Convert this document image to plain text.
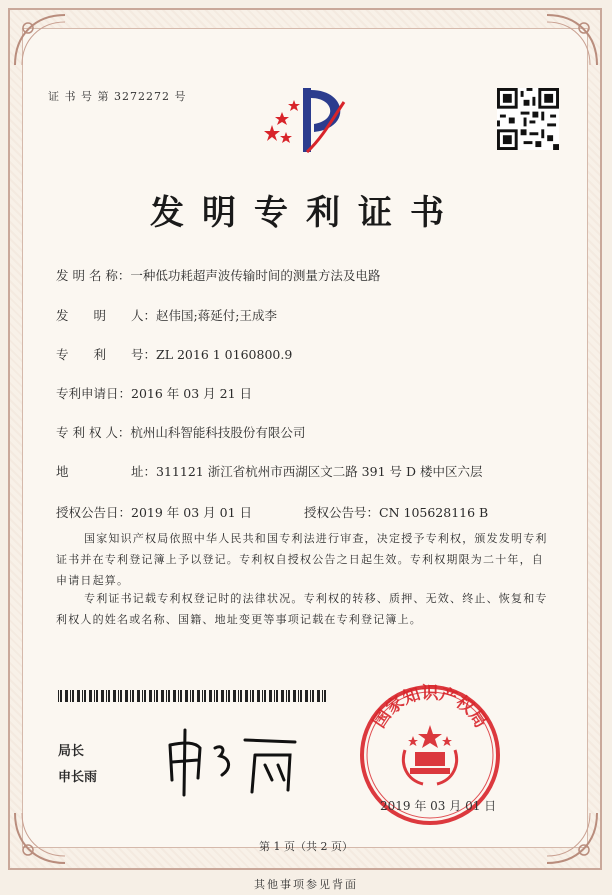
证 书 号 第 3272272 号
发明专利证书
发 明 名 称：一种低功耗超声波传输时间的测量方法及电路
发　　明　　人：赵伟国;蒋延付;王成李
专　　利　　号：ZL 2016 1 0160800.9
专利申请日：2016 年 03 月 21 日
专 利 权 人：杭州山科智能科技股份有限公司
地　　　　　址：311121 浙江省杭州市西湖区文二路 391 号 D 楼中区六层
授权公告日：2019 年 03 月 01 日	授权公告号：CN 105628116 B
国家知识产权局依照中华人民共和国专利法进行审查，决定授予专利权，颁发发明专利证书并在专利登记簿上予以登记。专利权自授权公告之日起生效。专利权期限为二十年，自申请日起算。
专利证书记载专利权登记时的法律状况。专利权的转移、质押、无效、终止、恢复和专利权人的姓名或名称、国籍、地址变更等事项记载在专利登记簿上。
局长
申长雨
国家知识产权局
2019 年 03 月 01 日
第 1 页（共 2 页）
其他事项参见背面
